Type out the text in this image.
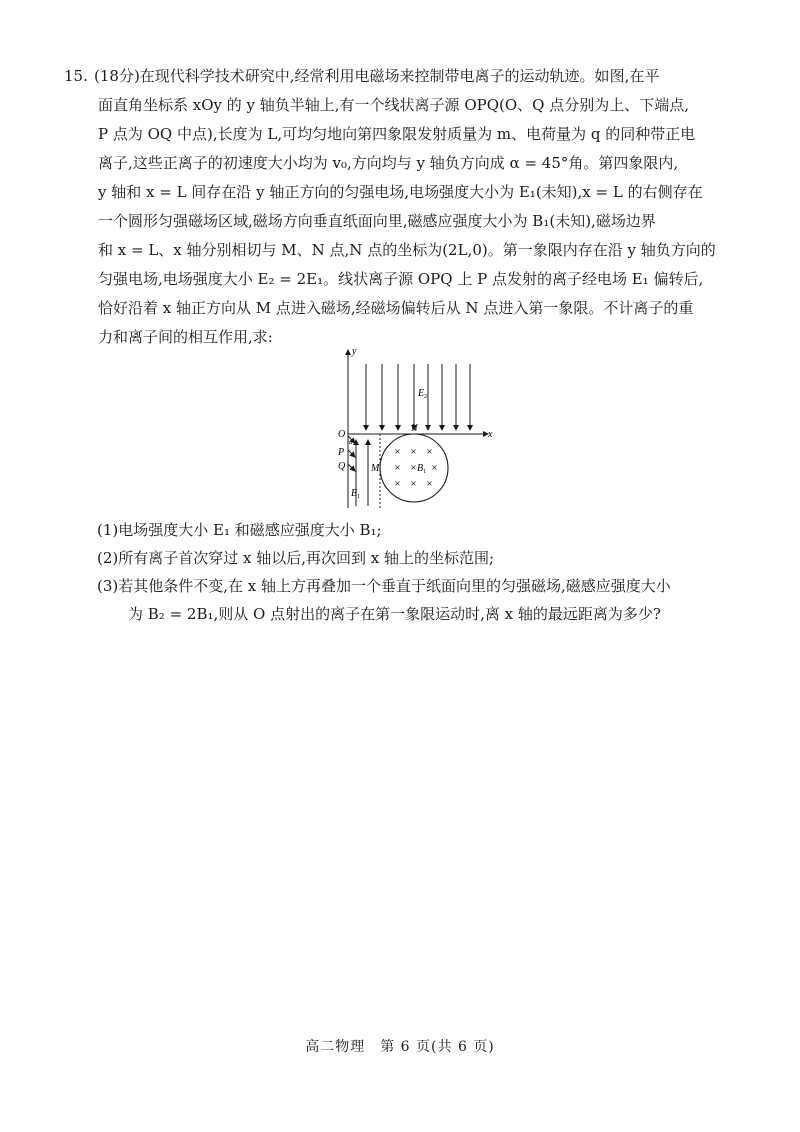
15. (18分)在现代科学技术研究中,经常利用电磁场来控制带电离子的运动轨迹。如图,在平
面直角坐标系 xOy 的 y 轴负半轴上,有一个线状离子源 OPQ(O、Q 点分别为上、下端点,
P 点为 OQ 中点),长度为 L,可均匀地向第四象限发射质量为 m、电荷量为 q 的同种带正电
离子,这些正离子的初速度大小均为 v₀,方向均与 y 轴负方向成 α = 45°角。第四象限内,
y 轴和 x = L 间存在沿 y 轴正方向的匀强电场,电场强度大小为 E₁(未知),x = L 的右侧存在
一个圆形匀强磁场区域,磁场方向垂直纸面向里,磁感应强度大小为 B₁(未知),磁场边界
和 x = L、x 轴分别相切与 M、N 点,N 点的坐标为(2L,0)。第一象限内存在沿 y 轴负方向的
匀强电场,电场强度大小 E₂ = 2E₁。线状离子源 OPQ 上 P 点发射的离子经电场 E₁ 偏转后,
恰好沿着 x 轴正方向从 M 点进入磁场,经磁场偏转后从 N 点进入第一象限。不计离子的重
力和离子间的相互作用,求:
y
x
O
α
P
Q	M
N
$E_2$
$E_1$
× × ×
× × ×
× × ×
$B_1$
(1)电场强度大小 E₁ 和磁感应强度大小 B₁;
(2)所有离子首次穿过 x 轴以后,再次回到 x 轴上的坐标范围;
(3)若其他条件不变,在 x 轴上方再叠加一个垂直于纸面向里的匀强磁场,磁感应强度大小
为 B₂ = 2B₁,则从 O 点射出的离子在第一象限运动时,离 x 轴的最远距离为多少?
高二物理　第 6 页(共 6 页)
